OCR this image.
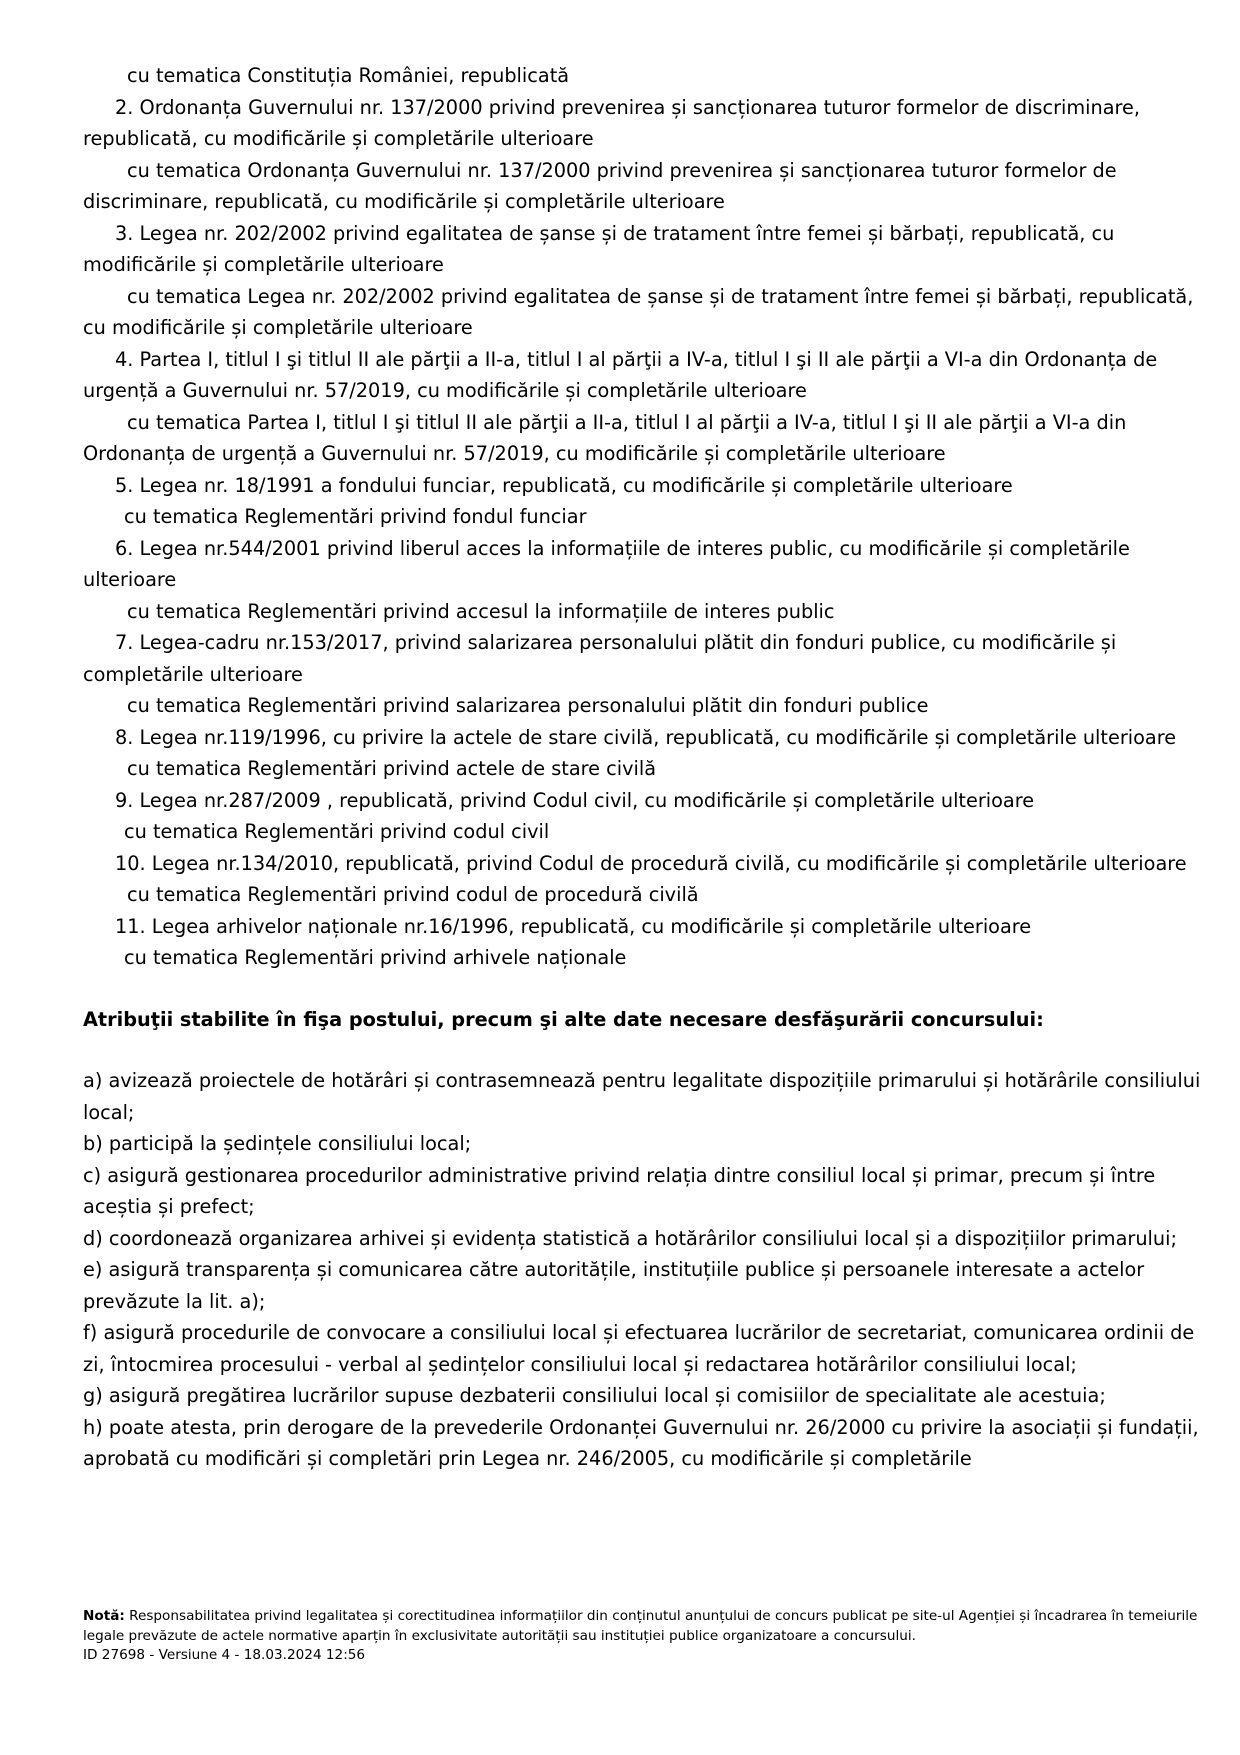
cu tematica Constituția României, republicată

2. Ordonanța Guvernului nr. 137/2000 privind prevenirea și sancționarea tuturor formelor de discriminare, republicată, cu modificările și completările ulterioare

cu tematica Ordonanța Guvernului nr. 137/2000 privind prevenirea și sancționarea tuturor formelor de discriminare, republicată, cu modificările și completările ulterioare

3. Legea nr. 202/2002 privind egalitatea de șanse și de tratament între femei și bărbați, republicată, cu modificările și completările ulterioare

cu tematica Legea nr. 202/2002 privind egalitatea de șanse și de tratament între femei și bărbați, republicată, cu modificările și completările ulterioare

4. Partea I, titlul I şi titlul II ale părţii a II-a, titlul I al părţii a IV-a, titlul I şi II ale părţii a VI-a din Ordonanța de urgență a Guvernului nr. 57/2019, cu modificările și completările ulterioare

cu tematica Partea I, titlul I şi titlul II ale părţii a II-a, titlul I al părţii a IV-a, titlul I şi II ale părţii a VI-a din Ordonanța de urgență a Guvernului nr. 57/2019, cu modificările și completările ulterioare

5. Legea nr. 18/1991 a fondului funciar, republicată, cu modificările și completările ulterioare

cu tematica Reglementări privind fondul funciar

6. Legea nr.544/2001 privind liberul acces la informațiile de interes public, cu modificările și completările ulterioare

cu tematica Reglementări privind accesul la informațiile de interes public

7. Legea-cadru nr.153/2017, privind salarizarea personalului plătit din fonduri publice, cu modificările și completările ulterioare

cu tematica Reglementări privind salarizarea personalului plătit din fonduri publice

8. Legea nr.119/1996, cu privire la actele de stare civilă, republicată, cu modificările și completările ulterioare

cu tematica Reglementări privind actele de stare civilă

9. Legea nr.287/2009 , republicată, privind Codul civil, cu modificările și completările ulterioare

cu tematica Reglementări privind codul civil

10. Legea nr.134/2010, republicată, privind Codul de procedură civilă, cu modificările și completările ulterioare

cu tematica Reglementări privind codul de procedură civilă

11. Legea arhivelor naționale nr.16/1996, republicată, cu modificările și completările ulterioare

cu tematica Reglementări privind arhivele naționale

Atribuţii stabilite în fişa postului, precum şi alte date necesare desfăşurării concursului:

a) avizează proiectele de hotărâri și contrasemnează pentru legalitate dispozițiile primarului și hotărârile consiliului local;

b) participă la ședințele consiliului local;

c) asigură gestionarea procedurilor administrative privind relația dintre consiliul local și primar, precum și între aceștia și prefect;

d) coordonează organizarea arhivei și evidența statistică a hotărârilor consiliului local și a dispozițiilor primarului;

e) asigură transparența și comunicarea către autoritățile, instituțiile publice și persoanele interesate a actelor prevăzute la lit. a);

f) asigură procedurile de convocare a consiliului local și efectuarea lucrărilor de secretariat, comunicarea ordinii de zi, întocmirea procesului - verbal al ședințelor consiliului local și redactarea hotărârilor consiliului local;

g) asigură pregătirea lucrărilor supuse dezbaterii consiliului local și comisiilor de specialitate ale acestuia;

h) poate atesta, prin derogare de la prevederile Ordonanței Guvernului nr. 26/2000 cu privire la asociații și fundații, aprobată cu modificări și completări prin Legea nr. 246/2005, cu modificările și completările

Notă: Responsabilitatea privind legalitatea și corectitudinea informațiilor din conținutul anunțului de concurs publicat pe site-ul Agenției și încadrarea în temeiurile legale prevăzute de actele normative aparțin în exclusivitate autorității sau instituției publice organizatoare a concursului.

ID 27698 - Versiune 4 - 18.03.2024 12:56
